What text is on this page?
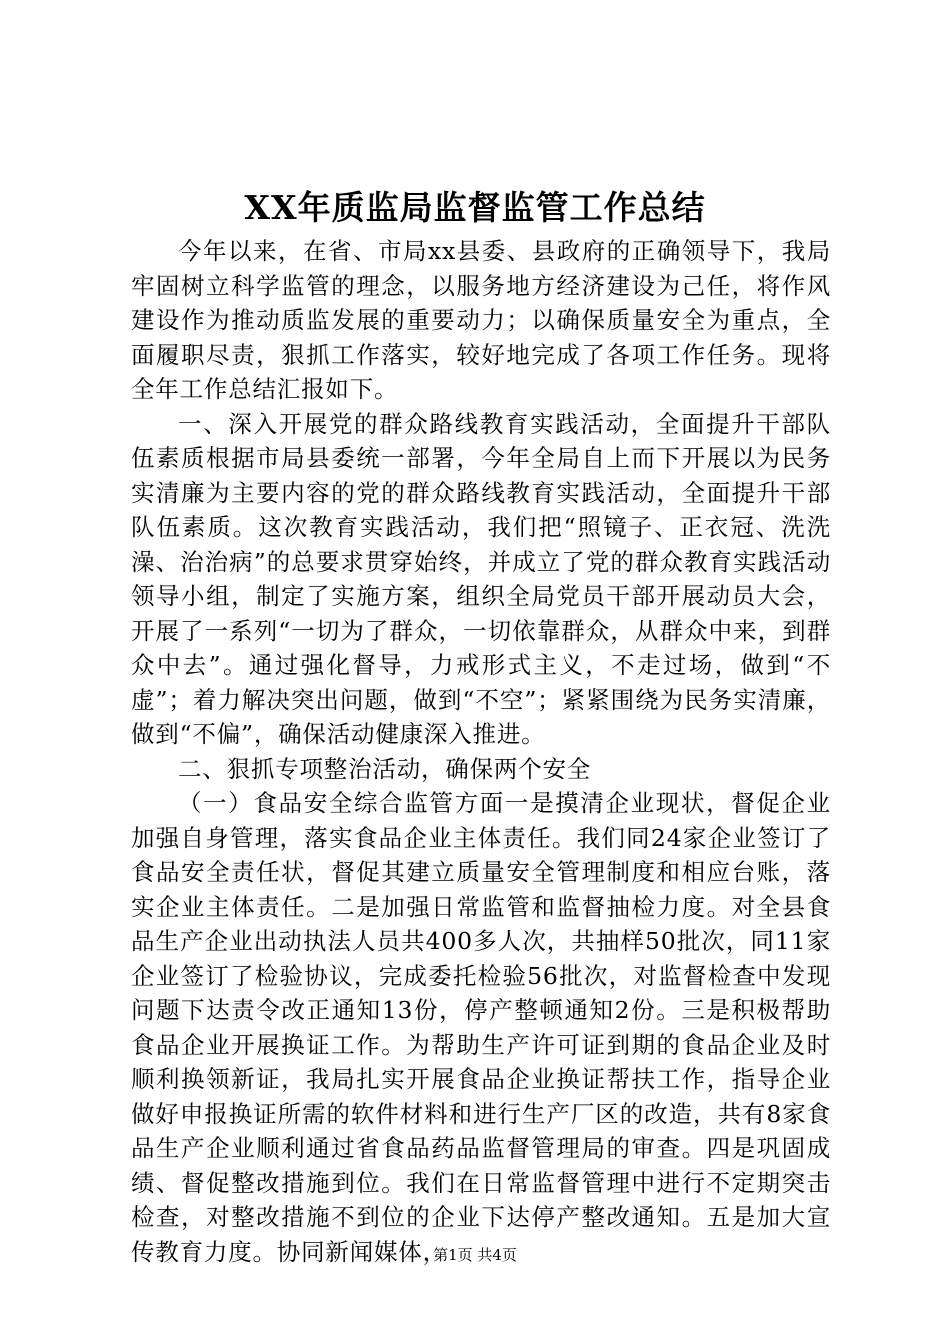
XX年质监局监督监管工作总结

今年以来，在省、市局xx县委、县政府的正确领导下，我局牢固树立科学监管的理念，以服务地方经济建设为己任，将作风建设作为推动质监发展的重要动力；以确保质量安全为重点，全面履职尽责，狠抓工作落实，较好地完成了各项工作任务。现将全年工作总结汇报如下。

一、深入开展党的群众路线教育实践活动，全面提升干部队伍素质根据市局县委统一部署，今年全局自上而下开展以为民务实清廉为主要内容的党的群众路线教育实践活动，全面提升干部队伍素质。这次教育实践活动，我们把“照镜子、正衣冠、洗洗澡、治治病”的总要求贯穿始终，并成立了党的群众教育实践活动领导小组，制定了实施方案，组织全局党员干部开展动员大会，开展了一系列“一切为了群众，一切依靠群众，从群众中来，到群众中去”。通过强化督导，力戒形式主义，不走过场，做到“不虚”；着力解决突出问题，做到“不空”；紧紧围绕为民务实清廉，做到“不偏”，确保活动健康深入推进。

二、狠抓专项整治活动，确保两个安全

（一）食品安全综合监管方面一是摸清企业现状，督促企业加强自身管理，落实食品企业主体责任。我们同24家企业签订了食品安全责任状，督促其建立质量安全管理制度和相应台账，落实企业主体责任。二是加强日常监管和监督抽检力度。对全县食品生产企业出动执法人员共400多人次，共抽样50批次，同11家企业签订了检验协议，完成委托检验56批次，对监督检查中发现问题下达责令改正通知13份，停产整顿通知2份。三是积极帮助食品企业开展换证工作。为帮助生产许可证到期的食品企业及时顺利换领新证，我局扎实开展食品企业换证帮扶工作，指导企业做好申报换证所需的软件材料和进行生产厂区的改造，共有8家食品生产企业顺利通过省食品药品监督管理局的审查。四是巩固成绩、督促整改措施到位。我们在日常监督管理中进行不定期突击检查，对整改措施不到位的企业下达停产整改通知。五是加大宣传教育力度。协同新闻媒体，

第1页 共4页
